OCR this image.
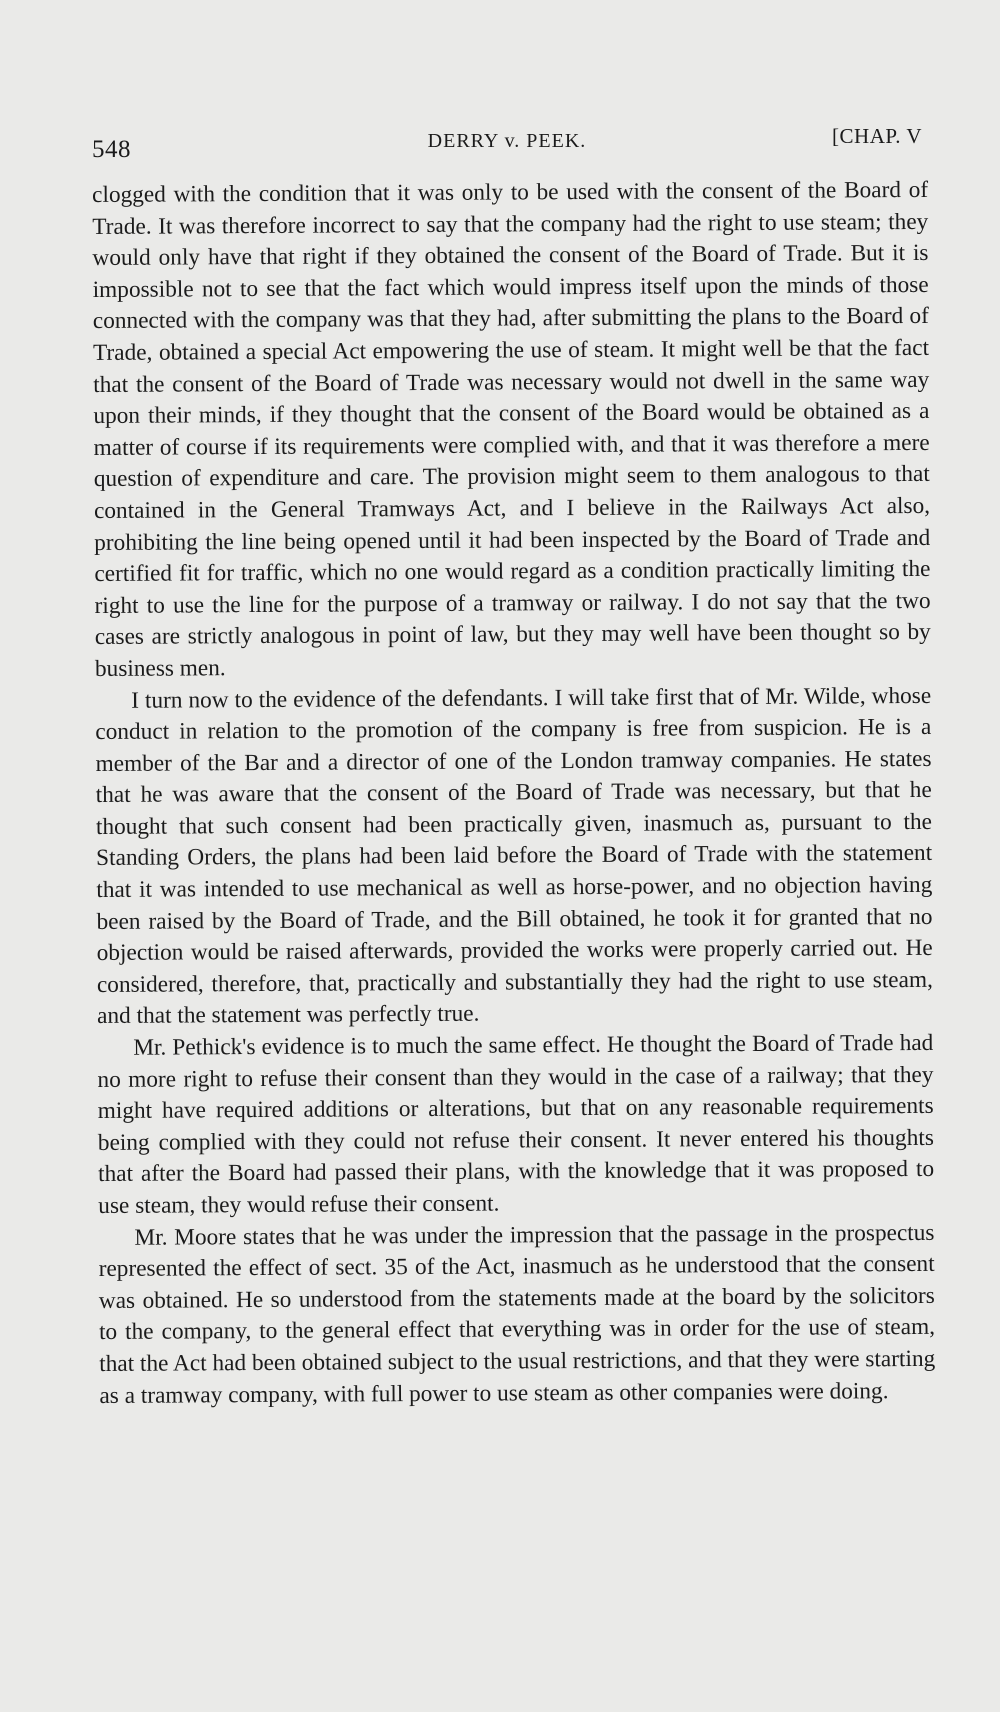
548	DERRY v. PEEK.	[CHAP. V

clogged with the condition that it was only to be used with the consent of the Board of Trade. It was therefore incorrect to say that the company had the right to use steam; they would only have that right if they obtained the consent of the Board of Trade. But it is impossible not to see that the fact which would impress itself upon the minds of those connected with the company was that they had, after submitting the plans to the Board of Trade, obtained a special Act empowering the use of steam. It might well be that the fact that the consent of the Board of Trade was necessary would not dwell in the same way upon their minds, if they thought that the consent of the Board would be obtained as a matter of course if its requirements were complied with, and that it was therefore a mere question of expenditure and care. The provision might seem to them analogous to that contained in the General Tramways Act, and I believe in the Railways Act also, prohibiting the line being opened until it had been inspected by the Board of Trade and certified fit for traffic, which no one would regard as a condition practically limiting the right to use the line for the purpose of a tramway or railway. I do not say that the two cases are strictly analogous in point of law, but they may well have been thought so by business men.

I turn now to the evidence of the defendants. I will take first that of Mr. Wilde, whose conduct in relation to the promotion of the company is free from suspicion. He is a member of the Bar and a director of one of the London tramway companies. He states that he was aware that the consent of the Board of Trade was necessary, but that he thought that such consent had been practically given, inasmuch as, pursuant to the Standing Orders, the plans had been laid before the Board of Trade with the statement that it was intended to use mechanical as well as horse-power, and no objection having been raised by the Board of Trade, and the Bill obtained, he took it for granted that no objection would be raised afterwards, provided the works were properly carried out. He considered, therefore, that, practically and substantially they had the right to use steam, and that the statement was perfectly true.

Mr. Pethick's evidence is to much the same effect. He thought the Board of Trade had no more right to refuse their consent than they would in the case of a railway; that they might have required additions or alterations, but that on any reasonable requirements being complied with they could not refuse their consent. It never entered his thoughts that after the Board had passed their plans, with the knowledge that it was proposed to use steam, they would refuse their consent.

Mr. Moore states that he was under the impression that the passage in the prospectus represented the effect of sect. 35 of the Act, inasmuch as he understood that the consent was obtained. He so understood from the statements made at the board by the solicitors to the company, to the general effect that everything was in order for the use of steam, that the Act had been obtained subject to the usual restrictions, and that they were starting as a tramway company, with full power to use steam as other companies were doing.
